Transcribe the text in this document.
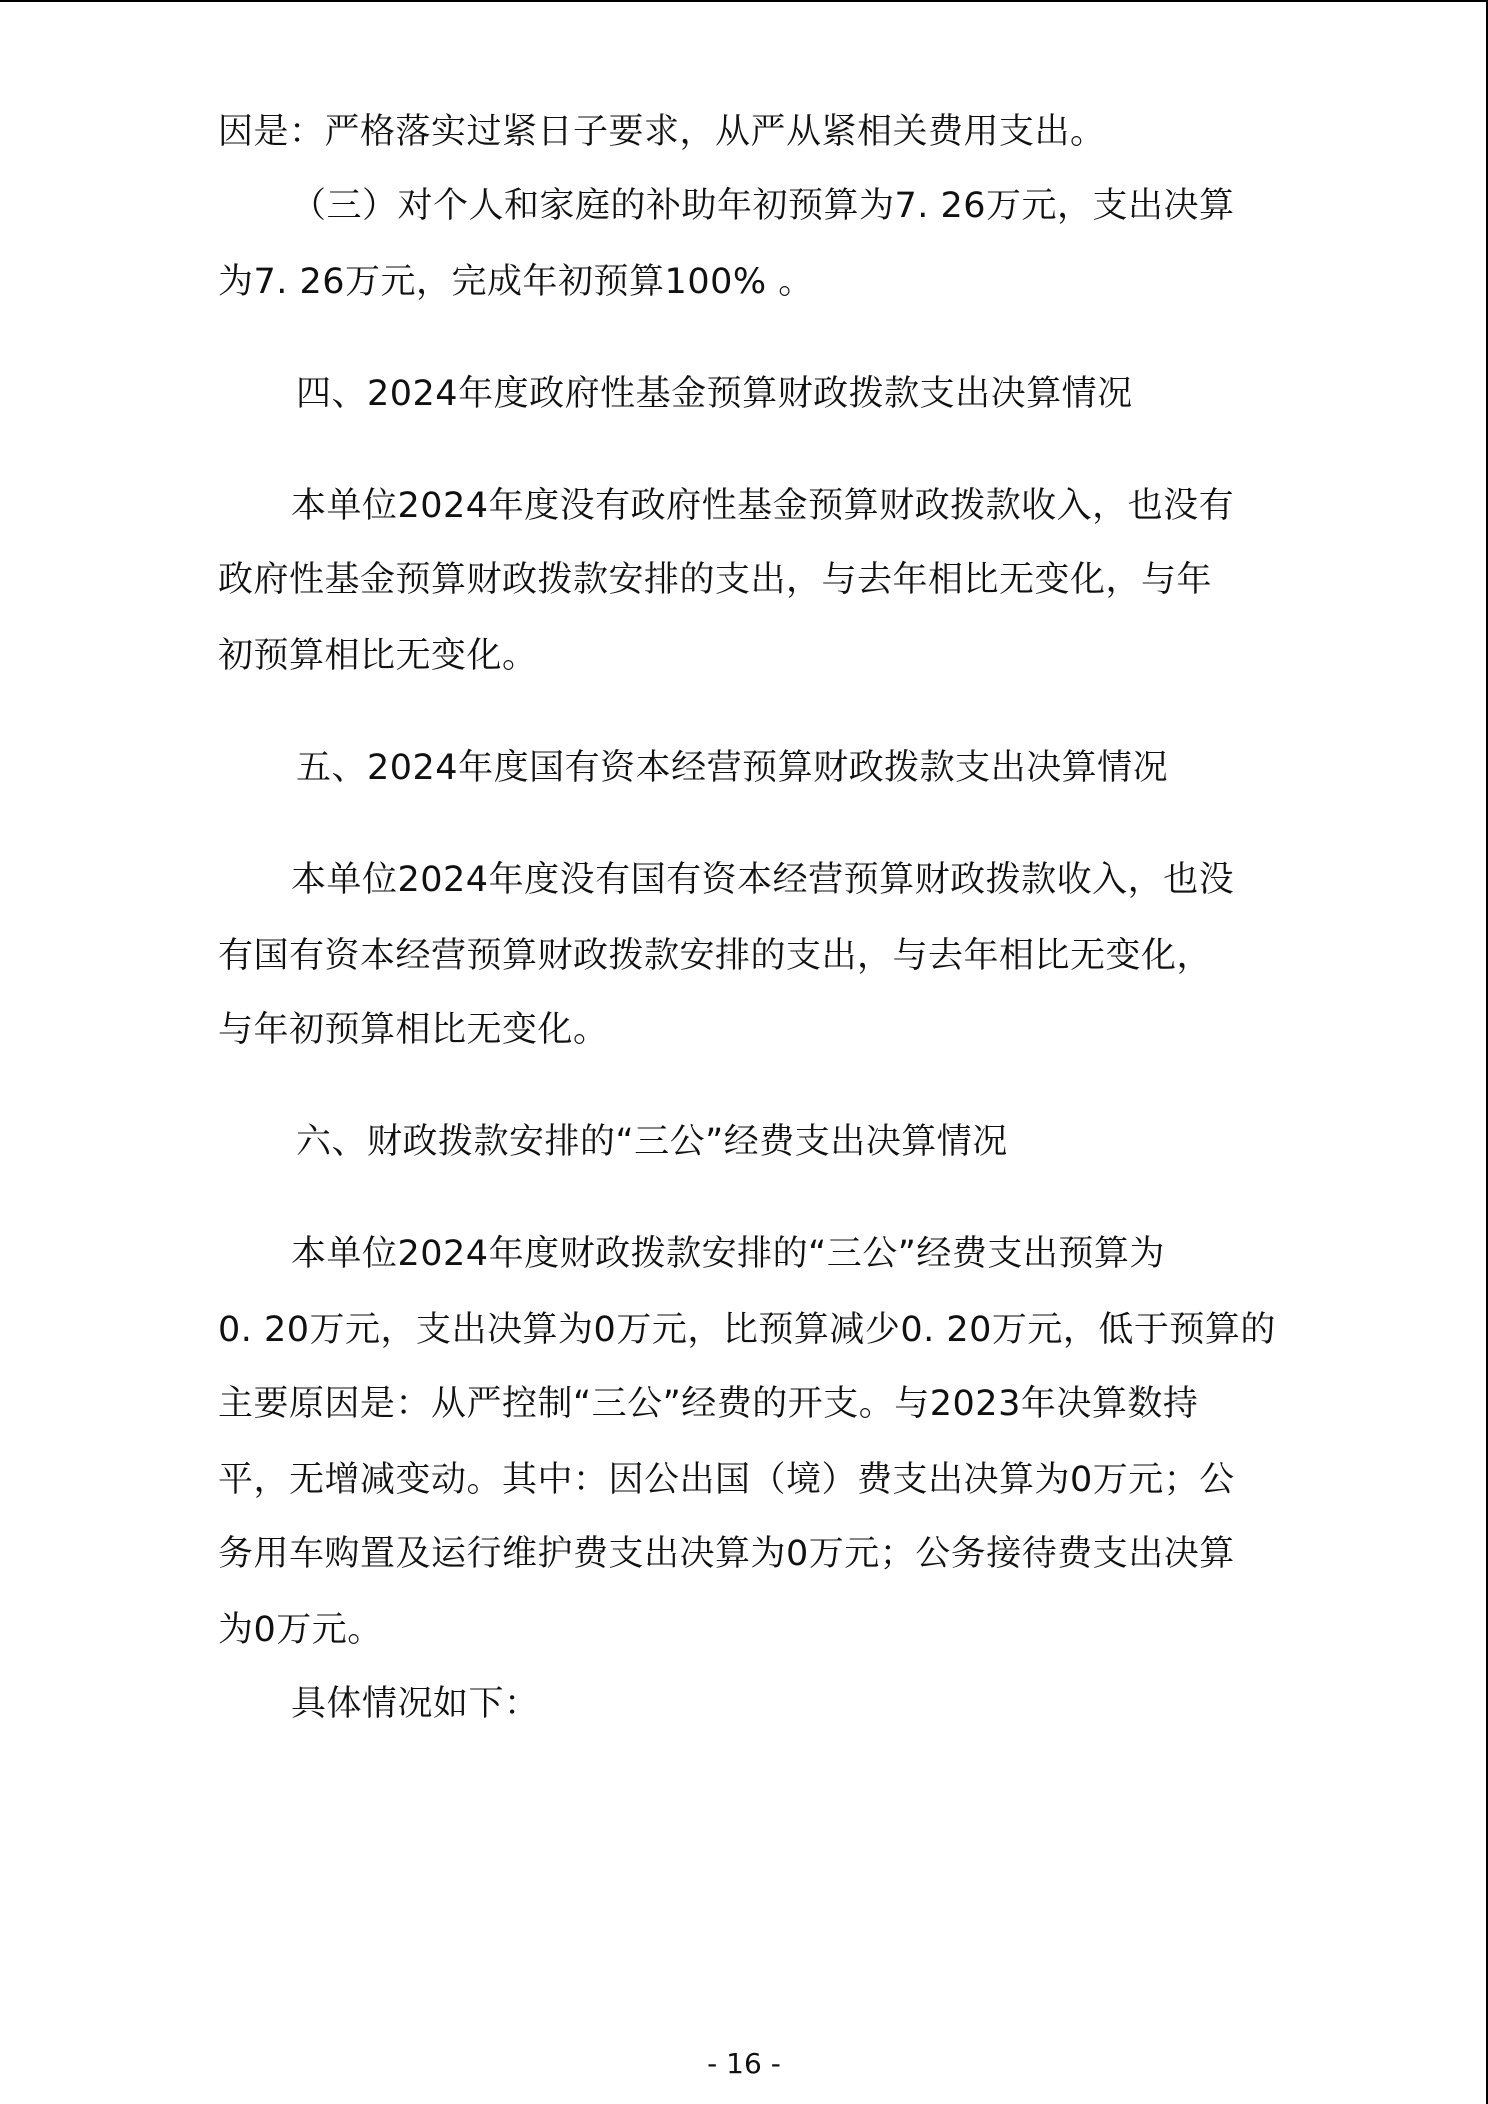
因是：严格落实过紧日子要求，从严从紧相关费用支出。
（三）对个人和家庭的补助年初预算为7. 26万元，支出决算
为7. 26万元，完成年初预算100% 。
四、2024年度政府性基金预算财政拨款支出决算情况
本单位2024年度没有政府性基金预算财政拨款收入，也没有
政府性基金预算财政拨款安排的支出，与去年相比无变化，与年
初预算相比无变化。
五、2024年度国有资本经营预算财政拨款支出决算情况
本单位2024年度没有国有资本经营预算财政拨款收入，也没
有国有资本经营预算财政拨款安排的支出，与去年相比无变化，
与年初预算相比无变化。
六、财政拨款安排的“三公”经费支出决算情况
本单位2024年度财政拨款安排的“三公”经费支出预算为
0. 20万元，支出决算为0万元，比预算减少0. 20万元，低于预算的
主要原因是：从严控制“三公”经费的开支。与2023年决算数持
平，无增减变动。其中：因公出国（境）费支出决算为0万元；公
务用车购置及运行维护费支出决算为0万元；公务接待费支出决算
为0万元。
具体情况如下：
- 16 -
